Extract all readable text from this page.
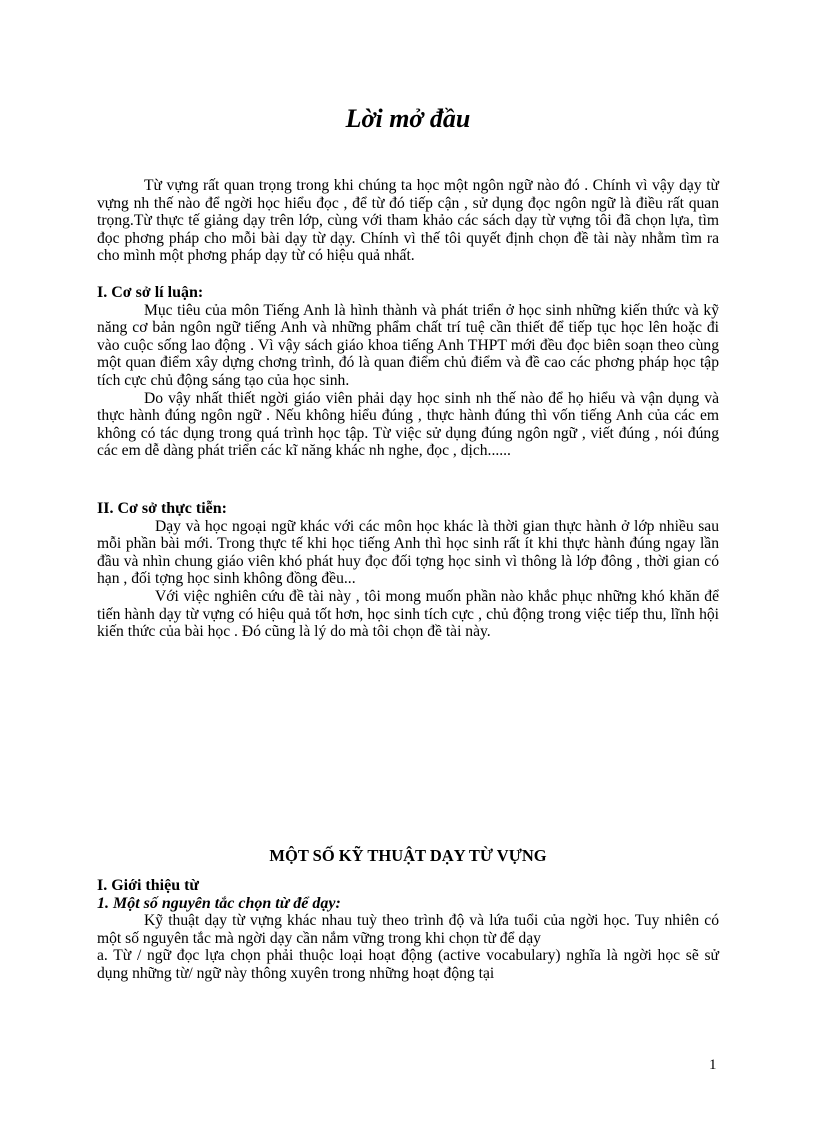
Lời mở đầu

Từ vựng rất quan trọng trong khi chúng ta học một ngôn ngữ nào đó . Chính vì vậy dạy từ vựng nh thế nào để ngời học hiểu đọc , để từ đó tiếp cận , sử dụng đọc ngôn ngữ là điều rất quan trọng.Từ thực tế giảng dạy trên lớp, cùng với tham khảo các sách dạy từ vựng tôi đã chọn lựa, tìm đọc phơng pháp cho mỗi bài dạy từ dạy. Chính vì thế tôi quyết định chọn đề tài này nhằm tìm ra cho mình một phơng pháp dạy từ có hiệu quả nhất.

I. Cơ sở lí luận:

Mục tiêu của môn Tiếng Anh là hình thành và phát triển ở học sinh những kiến thức và kỹ năng cơ bản ngôn ngữ tiếng Anh và những phẩm chất trí tuệ cần thiết để tiếp tục học lên hoặc đi vào cuộc sống lao động . Vì vậy sách giáo khoa tiếng Anh THPT mới đều đọc biên soạn theo cùng một quan điểm xây dựng chơng trình, đó là quan điểm chủ điểm và đề cao các phơng pháp học tập tích cực chủ động sáng tạo của học sinh.

Do vậy nhất thiết ngời giáo viên phải dạy học sinh nh thế nào để họ hiểu và vận dụng và thực hành đúng ngôn ngữ . Nếu không hiểu đúng , thực hành đúng thì vốn tiếng Anh của các em không có tác dụng trong quá trình học tập. Từ việc sử dụng đúng ngôn ngữ , viết đúng , nói đúng các em dễ dàng phát triển các kĩ năng khác nh nghe, đọc , dịch......

II. Cơ sở thực tiễn:

Dạy và học ngoại ngữ khác với các môn học khác là thời gian thực hành ở lớp nhiều sau mỗi phần bài mới. Trong thực tế khi học tiếng Anh thì học sinh rất ít khi thực hành đúng ngay lần đầu và nhìn chung giáo viên khó phát huy đọc đối tợng học sinh vì thông là lớp đông , thời gian có hạn , đối tợng học sinh không đồng đều...

Với việc nghiên cứu đề tài này , tôi mong muốn phần nào khắc phục những khó khăn để tiến hành dạy từ vựng có hiệu quả tốt hơn, học sinh tích cực , chủ động trong việc tiếp thu, lĩnh hội kiến thức của bài học . Đó cũng là lý do mà tôi chọn đề tài này.

MỘT SỐ KỸ THUẬT DẠY TỪ VỰNG
I. Giới thiệu từ
1. Một số nguyên tắc chọn từ để dạy:

Kỹ thuật dạy từ vựng khác nhau tuỳ theo trình độ và lứa tuổi của ngời học. Tuy nhiên có một số nguyên tắc mà ngời dạy cần nắm vững trong khi chọn từ để dạy

a. Từ / ngữ đọc lựa chọn phải thuộc loại hoạt động (active vocabulary) nghĩa là ngời học sẽ sử dụng những từ/ ngữ này thông xuyên trong những hoạt động tại

1
